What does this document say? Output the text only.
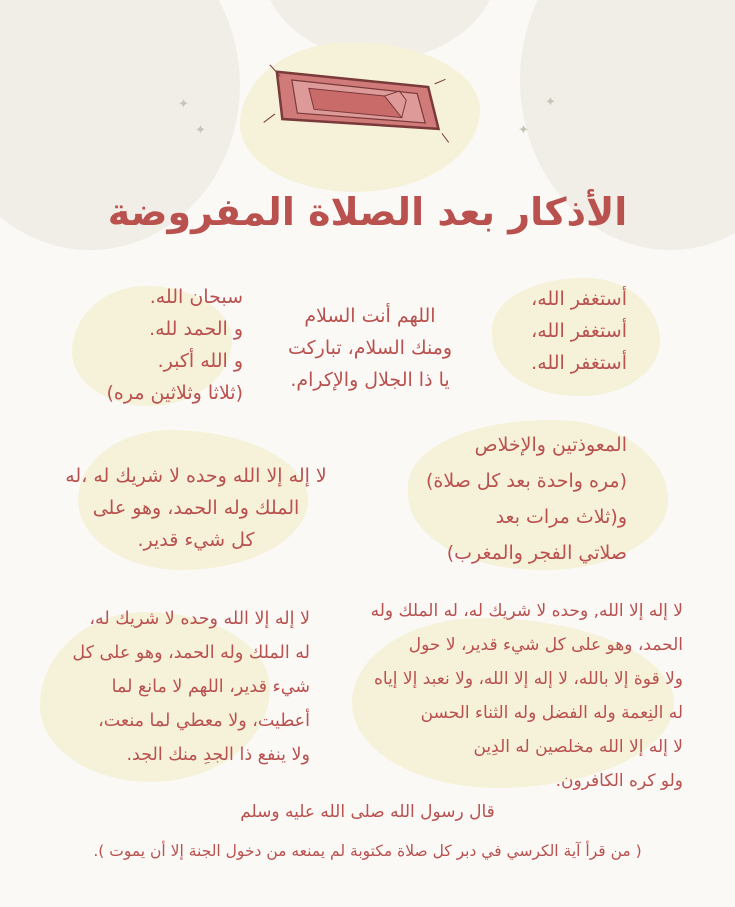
✦
✦
✦
✦
الأذكار بعد الصلاة المفروضة
أستغفر الله،
أستغفر الله،
أستغفر الله.
اللهم أنت السلام
ومنك السلام، تباركت
يا ذا الجلال والإكرام.
سبحان الله.
و الحمد لله.
و الله أكبر.
(ثلاثا وثلاثين مره)
لا إله إلا الله وحده لا شريك له ،له
الملك وله الحمد، وهو على
كل شيء قدير.
المعوذتين والإخلاص
(مره واحدة بعد كل صلاة)
و(ثلاث مرات بعد
صلاتي الفجر والمغرب)
لا إله إلا الله وحده لا شريك له،
له الملك وله الحمد، وهو على كل
شيء قدير، اللهم لا مانع لما
أعطيت، ولا معطي لما منعت،
ولا ينفع ذا الجدِ منك الجد.
لا إله إلا الله, وحده لا شريك له، له الملك وله
الحمد، وهو على كل شيء قدير، لا حول
ولا قوة إلا بالله، لا إله إلا الله، ولا نعبد إلا إياه
له النِعمة وله الفضل وله الثناء الحسن
لا إله إلا الله مخلصين له الدِين
ولو كره الكافرون.

قال رسول الله صلى الله عليه وسلم

( من قرأ آية الكرسي في دبر كل صلاة مكتوبة لم يمنعه من دخول الجنة إلا أن يموت ).
